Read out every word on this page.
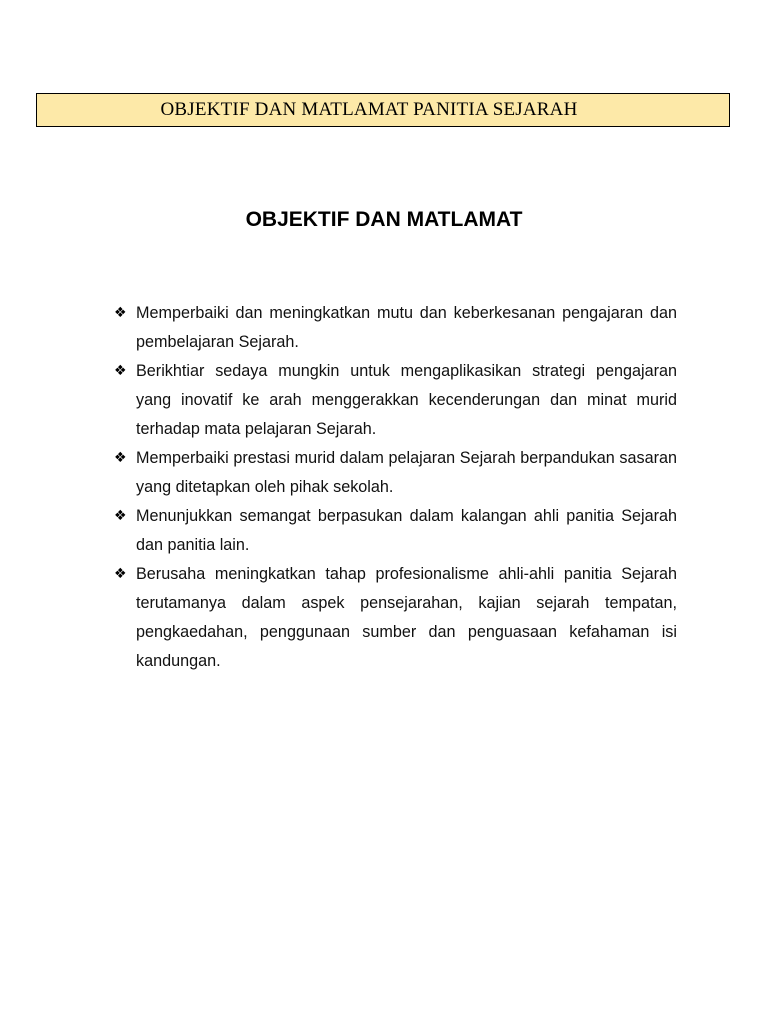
OBJEKTIF DAN MATLAMAT PANITIA SEJARAH
OBJEKTIF DAN MATLAMAT
❖ Memperbaiki dan meningkatkan mutu dan keberkesanan pengajaran dan pembelajaran Sejarah.
❖ Berikhtiar sedaya mungkin untuk mengaplikasikan strategi pengajaran yang inovatif ke arah menggerakkan kecenderungan dan minat murid terhadap mata pelajaran Sejarah.
❖ Memperbaiki prestasi murid dalam pelajaran Sejarah berpandukan sasaran yang ditetapkan oleh pihak sekolah.
❖ Menunjukkan semangat berpasukan dalam kalangan ahli panitia Sejarah dan panitia lain.
❖ Berusaha meningkatkan tahap profesionalisme ahli-ahli panitia Sejarah terutamanya dalam aspek pensejarahan, kajian sejarah tempatan, pengkaedahan, penggunaan sumber dan penguasaan kefahaman isi kandungan.
